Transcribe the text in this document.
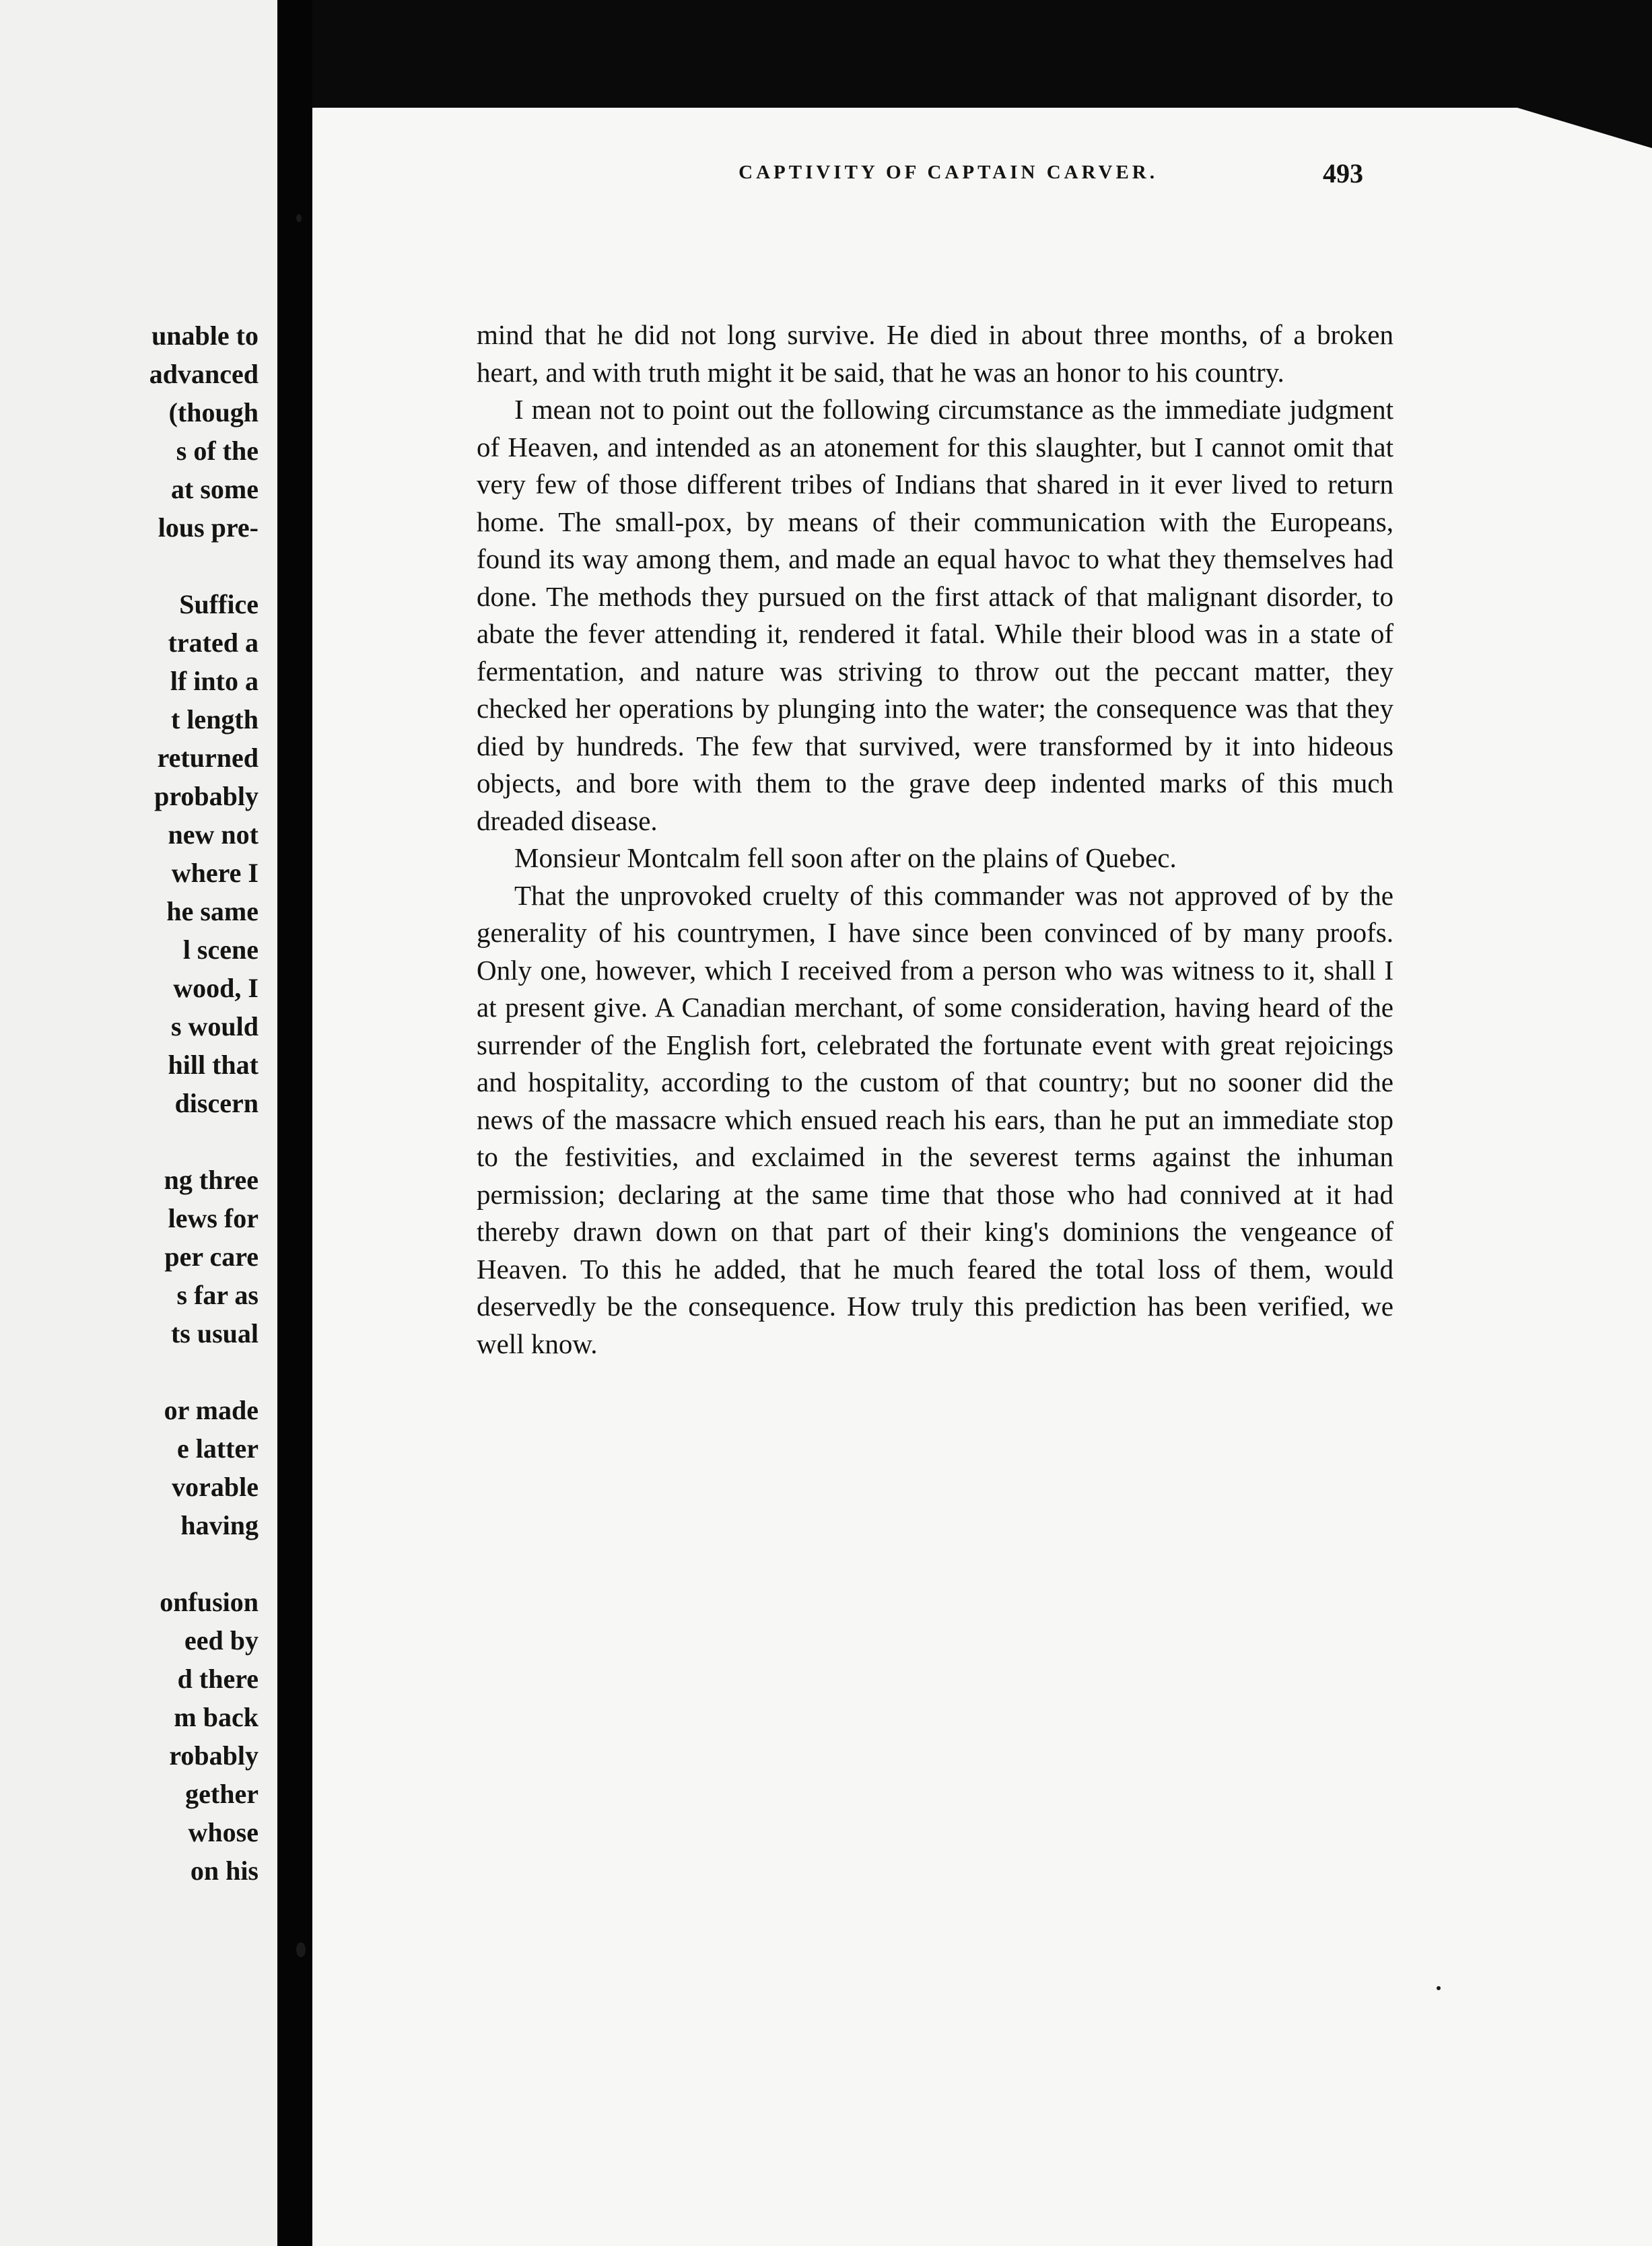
unable to
advanced
(though
s of the
at some
lous pre-
Suffice
trated a
lf into a
t length
returned
probably
new not
where I
he same
l scene
wood, I
s would
hill that
discern
ng three
lews for
per care
s far as
ts usual
or made
e latter
vorable
having
onfusion
eed by
d there
m back
robably
gether
whose
on his
CAPTIVITY OF CAPTAIN CARVER.	493

mind that he did not long survive. He died in about three months, of a broken heart, and with truth might it be said, that he was an honor to his country.

I mean not to point out the following circumstance as the immediate judgment of Heaven, and intended as an atonement for this slaughter, but I cannot omit that very few of those different tribes of Indians that shared in it ever lived to return home. The small-pox, by means of their communication with the Europeans, found its way among them, and made an equal havoc to what they themselves had done. The methods they pursued on the first attack of that malignant disorder, to abate the fever attending it, rendered it fatal. While their blood was in a state of fermentation, and nature was striving to throw out the peccant matter, they checked her operations by plunging into the water; the consequence was that they died by hundreds. The few that survived, were transformed by it into hideous objects, and bore with them to the grave deep indented marks of this much dreaded disease.

Monsieur Montcalm fell soon after on the plains of Quebec.

That the unprovoked cruelty of this commander was not approved of by the generality of his countrymen, I have since been convinced of by many proofs. Only one, however, which I received from a person who was witness to it, shall I at present give. A Canadian merchant, of some consideration, having heard of the surrender of the English fort, celebrated the fortunate event with great rejoicings and hospitality, according to the custom of that country; but no sooner did the news of the massacre which ensued reach his ears, than he put an immediate stop to the festivities, and exclaimed in the severest terms against the inhuman permission; declaring at the same time that those who had connived at it had thereby drawn down on that part of their king's dominions the vengeance of Heaven. To this he added, that he much feared the total loss of them, would deservedly be the consequence. How truly this prediction has been verified, we well know.
